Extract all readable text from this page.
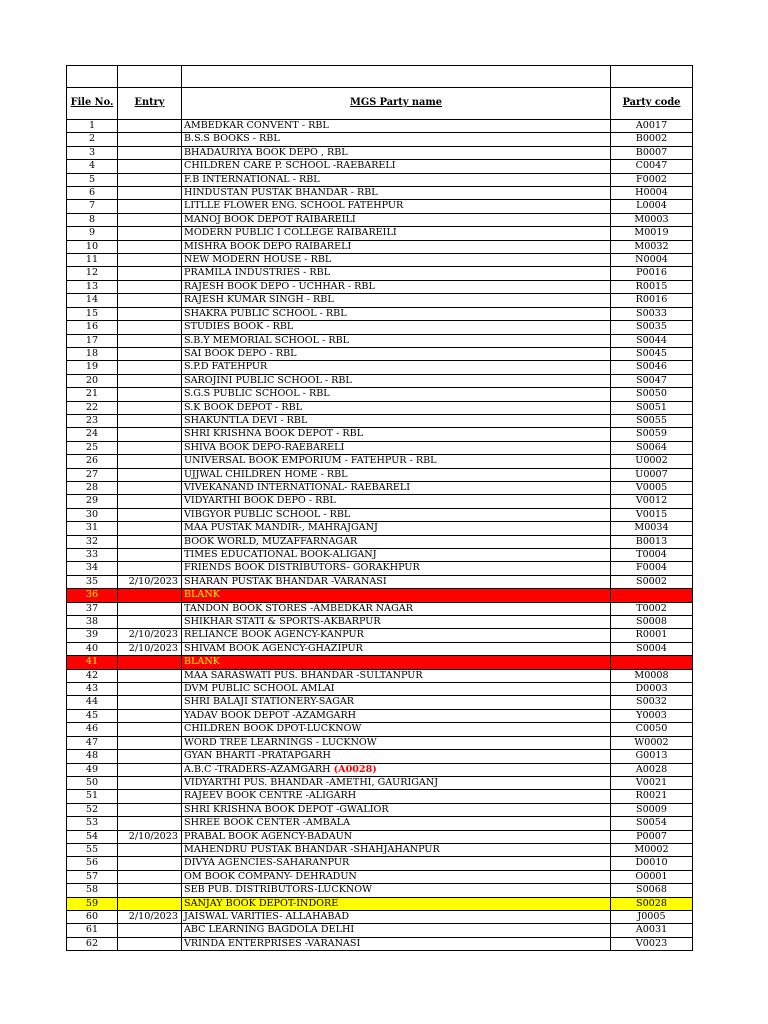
File No.	Entry	MGS Party name	Party code
1		AMBEDKAR CONVENT - RBL	A0017
2		B.S.S BOOKS - RBL	B0002
3		BHADAURIYA BOOK DEPO , RBL	B0007
4		CHILDREN CARE P. SCHOOL -RAEBARELI	C0047
5		F.B INTERNATIONAL - RBL	F0002
6		HINDUSTAN PUSTAK BHANDAR - RBL	H0004
7		LITLLE FLOWER ENG. SCHOOL FATEHPUR	L0004
8		MANOJ BOOK DEPOT RAIBAREILI	M0003
9		MODERN PUBLIC I COLLEGE RAIBAREILI	M0019
10		MISHRA BOOK DEPO RAIBARELI	M0032
11		NEW MODERN HOUSE - RBL	N0004
12		PRAMILA INDUSTRIES - RBL	P0016
13		RAJESH BOOK DEPO - UCHHAR - RBL	R0015
14		RAJESH KUMAR SINGH - RBL	R0016
15		SHAKRA PUBLIC SCHOOL - RBL	S0033
16		STUDIES BOOK - RBL	S0035
17		S.B.Y MEMORIAL SCHOOL - RBL	S0044
18		SAI BOOK DEPO - RBL	S0045
19		S.P.D FATEHPUR	S0046
20		SAROJINI PUBLIC SCHOOL - RBL	S0047
21		S.G.S PUBLIC SCHOOL - RBL	S0050
22		S.K BOOK DEPOT - RBL	S0051
23		SHAKUNTLA DEVI - RBL	S0055
24		SHRI KRISHNA BOOK DEPOT - RBL	S0059
25		SHIVA BOOK DEPO-RAEBARELI	S0064
26		UNIVERSAL BOOK EMPORIUM - FATEHPUR - RBL	U0002
27		UJJWAL CHILDREN HOME - RBL	U0007
28		VIVEKANAND INTERNATIONAL- RAEBARELI	V0005
29		VIDYARTHI BOOK DEPO - RBL	V0012
30		VIBGYOR PUBLIC SCHOOL - RBL	V0015
31		MAA PUSTAK MANDIR-, MAHRAJGANJ	M0034
32		BOOK WORLD, MUZAFFARNAGAR	B0013
33		TIMES EDUCATIONAL BOOK-ALIGANJ	T0004
34		FRIENDS BOOK DISTRIBUTORS- GORAKHPUR	F0004
35	2/10/2023	SHARAN PUSTAK BHANDAR -VARANASI	S0002
36		BLANK	
37		TANDON BOOK STORES -AMBEDKAR NAGAR	T0002
38		SHIKHAR STATI & SPORTS-AKBARPUR	S0008
39	2/10/2023	RELIANCE BOOK AGENCY-KANPUR	R0001
40	2/10/2023	SHIVAM BOOK AGENCY-GHAZIPUR	S0004
41		BLANK	
42		MAA SARASWATI PUS. BHANDAR -SULTANPUR	M0008
43		DVM PUBLIC SCHOOL AMLAI	D0003
44		SHRI BALAJI STATIONERY-SAGAR	S0032
45		YADAV BOOK DEPOT -AZAMGARH	Y0003
46		CHILDREN BOOK DPOT-LUCKNOW	C0050
47		WORD TREE LEARNINGS - LUCKNOW	W0002
48		GYAN BHARTI -PRATAPGARH	G0013
49		A.B.C -TRADERS-AZAMGARH (A0028)	A0028
50		VIDYARTHI PUS. BHANDAR -AMETHI, GAURIGANJ	V0021
51		RAJEEV BOOK CENTRE -ALIGARH	R0021
52		SHRI KRISHNA BOOK DEPOT -GWALIOR	S0009
53		SHREE BOOK CENTER -AMBALA	S0054
54	2/10/2023	PRABAL BOOK AGENCY-BADAUN	P0007
55		MAHENDRU PUSTAK BHANDAR -SHAHJAHANPUR	M0002
56		DIVYA AGENCIES-SAHARANPUR	D0010
57		OM BOOK COMPANY- DEHRADUN	O0001
58		SEB PUB. DISTRIBUTORS-LUCKNOW	S0068
59		SANJAY BOOK DEPOT-INDORE	S0028
60	2/10/2023	JAISWAL VARITIES- ALLAHABAD	J0005
61		ABC LEARNING BAGDOLA DELHI	A0031
62		VRINDA ENTERPRISES -VARANASI	V0023
